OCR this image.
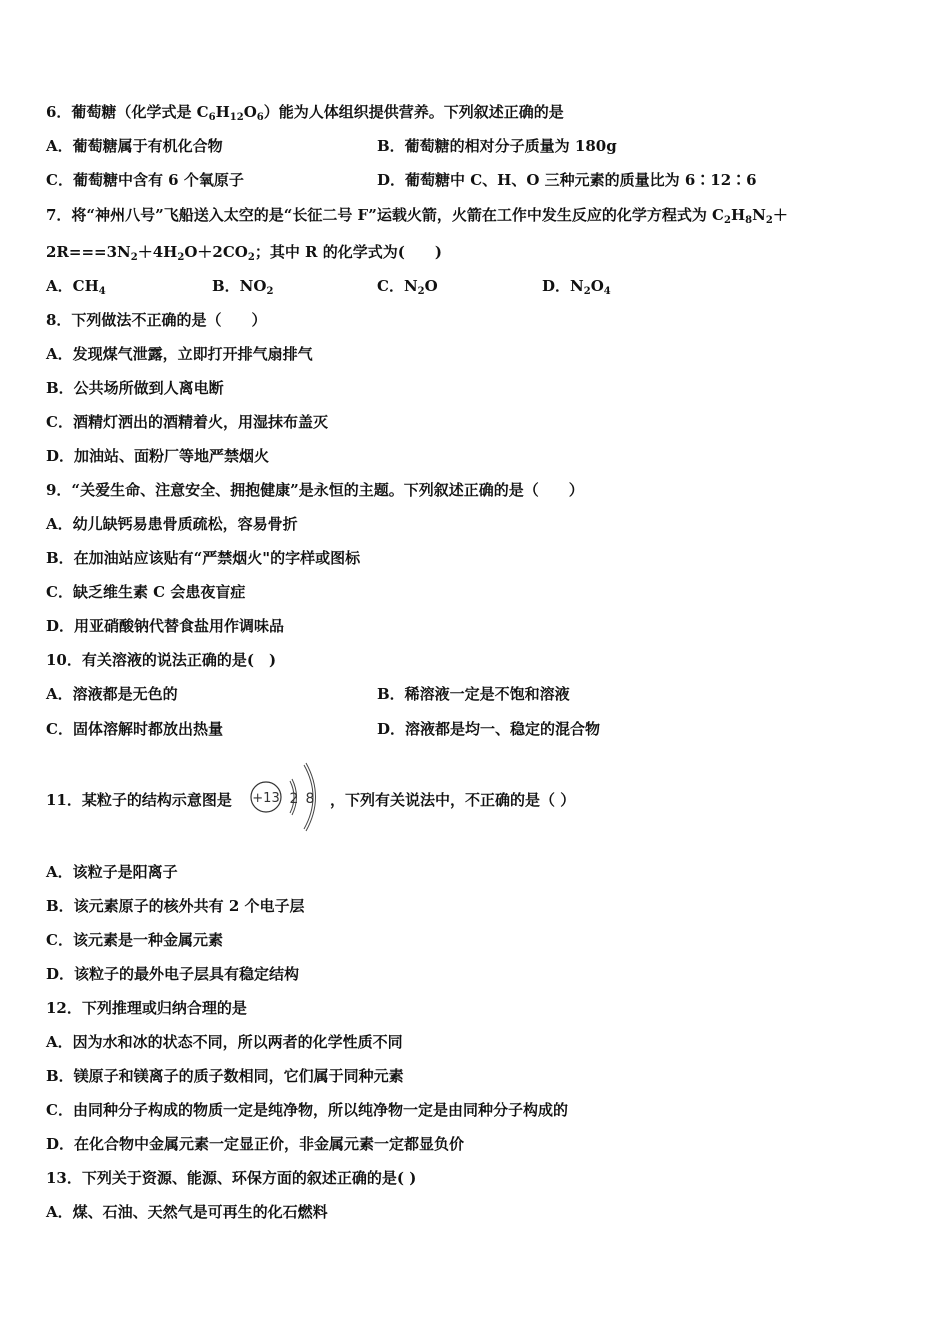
6．葡萄糖（化学式是 $C_6H_{12}O_6$）能为人体组织提供营养。下列叙述正确的是
A．葡萄糖属于有机化合物	B．葡萄糖的相对分子质量为 180g
C．葡萄糖中含有 6 个氧原子	D．葡萄糖中 C、H、O 三种元素的质量比为 6∶12∶6
7．将“神州八号”飞船送入太空的是“长征二号 F”运载火箭，火箭在工作中发生反应的化学方程式为 $C_2H_8N_2+$
$2R===3N_2+4H_2O+2CO_2$；其中 R 的化学式为(　　)
A．$CH_4$	B．$NO_2$	C．$N_2O$	D．$N_2O_4$
8．下列做法不正确的是（　　）
A．发现煤气泄露，立即打开排气扇排气
B．公共场所做到人离电断
C．酒精灯洒出的酒精着火，用湿抹布盖灭
D．加油站、面粉厂等地严禁烟火
9．“关爱生命、注意安全、拥抱健康”是永恒的主题。下列叙述正确的是（　　）
A．幼儿缺钙易患骨质疏松，容易骨折
B．在加油站应该贴有“严禁烟火"的字样或图标
C．缺乏维生素 C 会患夜盲症
D．用亚硝酸钠代替食盐用作调味品
10．有关溶液的说法正确的是(　)
A．溶液都是无色的	B．稀溶液一定是不饱和溶液
C．固体溶解时都放出热量	D．溶液都是均一、稳定的混合物
11．某粒子的结构示意图是 +13 2 8 ，下列有关说法中，不正确的是（ ）
A．该粒子是阳离子
B．该元素原子的核外共有 2 个电子层
C．该元素是一种金属元素
D．该粒子的最外电子层具有稳定结构
12．下列推理或归纳合理的是
A．因为水和冰的状态不同，所以两者的化学性质不同
B．镁原子和镁离子的质子数相同，它们属于同种元素
C．由同种分子构成的物质一定是纯净物，所以纯净物一定是由同种分子构成的
D．在化合物中金属元素一定显正价，非金属元素一定都显负价
13．下列关于资源、能源、环保方面的叙述正确的是( )
A．煤、石油、天然气是可再生的化石燃料
